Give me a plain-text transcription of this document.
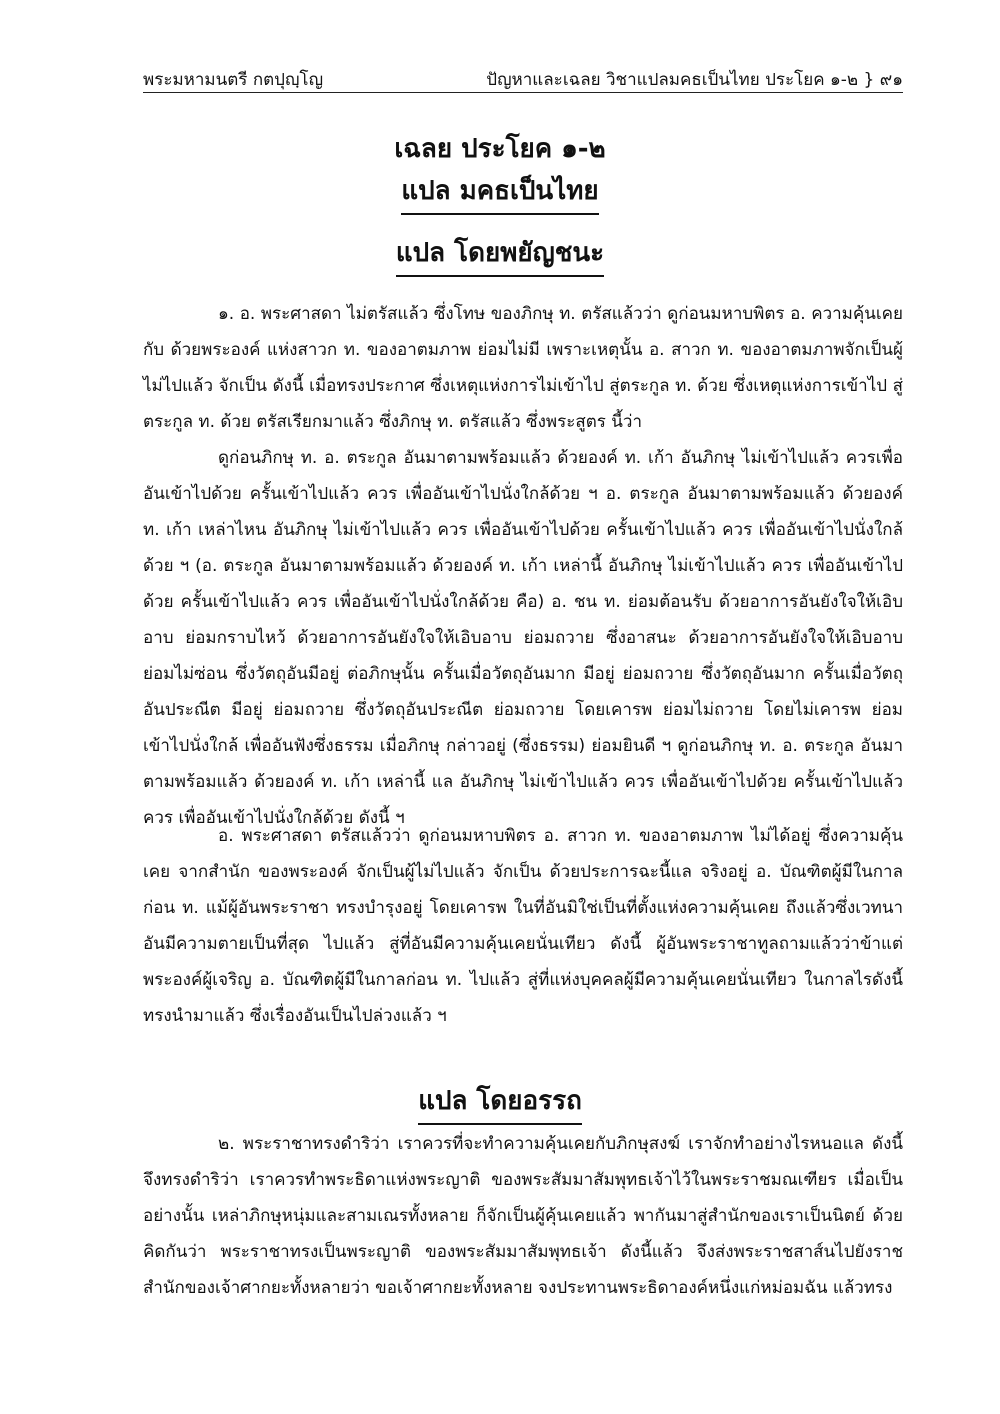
พระมหามนตรี กตปุญฺโญ	ปัญหาและเฉลย วิชาแปลมคธเป็นไทย ประโยค ๑-๒ } ๙๑
เฉลย ประโยค ๑-๒
แปล มคธเป็นไทย
แปล โดยพยัญชนะ

๑. อ. พระศาสดา ไม่ตรัสแล้ว ซึ่งโทษ ของภิกษุ ท. ตรัสแล้วว่า ดูก่อนมหาบพิตร อ. ความคุ้นเคย กับ ด้วยพระองค์ แห่งสาวก ท. ของอาตมภาพ ย่อมไม่มี เพราะเหตุนั้น อ. สาวก ท. ของอาตมภาพจักเป็นผู้ไม่ไปแล้ว จักเป็น ดังนี้ เมื่อทรงประกาศ ซึ่งเหตุแห่งการไม่เข้าไป สู่ตระกูล ท. ด้วย ซึ่งเหตุแห่งการเข้าไป สู่ตระกูล ท. ด้วย ตรัสเรียกมาแล้ว ซึ่งภิกษุ ท. ตรัสแล้ว ซึ่งพระสูตร นี้ว่า

ดูก่อนภิกษุ ท. อ. ตระกูล อันมาตามพร้อมแล้ว ด้วยองค์ ท. เก้า อันภิกษุ ไม่เข้าไปแล้ว ควรเพื่ออันเข้าไปด้วย ครั้นเข้าไปแล้ว ควร เพื่ออันเข้าไปนั่งใกล้ด้วย ฯ อ. ตระกูล อันมาตามพร้อมแล้ว ด้วยองค์ ท. เก้า เหล่าไหน อันภิกษุ ไม่เข้าไปแล้ว ควร เพื่ออันเข้าไปด้วย ครั้นเข้าไปแล้ว ควร เพื่ออันเข้าไปนั่งใกล้ด้วย ฯ (อ. ตระกูล อันมาตามพร้อมแล้ว ด้วยองค์ ท. เก้า เหล่านี้ อันภิกษุ ไม่เข้าไปแล้ว ควร เพื่ออันเข้าไปด้วย ครั้นเข้าไปแล้ว ควร เพื่ออันเข้าไปนั่งใกล้ด้วย คือ) อ. ชน ท. ย่อมต้อนรับ ด้วยอาการอันยังใจให้เอิบอาบ ย่อมกราบไหว้ ด้วยอาการอันยังใจให้เอิบอาบ ย่อมถวาย ซึ่งอาสนะ ด้วยอาการอันยังใจให้เอิบอาบ ย่อมไม่ซ่อน ซึ่งวัตถุอันมีอยู่ ต่อภิกษุนั้น ครั้นเมื่อวัตถุอันมาก มีอยู่ ย่อมถวาย ซึ่งวัตถุอันมาก ครั้นเมื่อวัตถุอันประณีต มีอยู่ ย่อมถวาย ซึ่งวัตถุอันประณีต ย่อมถวาย โดยเคารพ ย่อมไม่ถวาย โดยไม่เคารพ ย่อมเข้าไปนั่งใกล้ เพื่ออันฟังซึ่งธรรม เมื่อภิกษุ กล่าวอยู่ (ซึ่งธรรม) ย่อมยินดี ฯ ดูก่อนภิกษุ ท. อ. ตระกูล อันมาตามพร้อมแล้ว ด้วยองค์ ท. เก้า เหล่านี้ แล อันภิกษุ ไม่เข้าไปแล้ว ควร เพื่ออันเข้าไปด้วย ครั้นเข้าไปแล้วควร เพื่ออันเข้าไปนั่งใกล้ด้วย ดังนี้ ฯ

อ. พระศาสดา ตรัสแล้วว่า ดูก่อนมหาบพิตร อ. สาวก ท. ของอาตมภาพ ไม่ได้อยู่ ซึ่งความคุ้นเคย จากสำนัก ของพระองค์ จักเป็นผู้ไม่ไปแล้ว จักเป็น ด้วยประการฉะนี้แล จริงอยู่ อ. บัณฑิตผู้มีในกาลก่อน ท. แม้ผู้อันพระราชา ทรงบำรุงอยู่ โดยเคารพ ในที่อันมิใช่เป็นที่ตั้งแห่งความคุ้นเคย ถึงแล้วซึ่งเวทนา อันมีความตายเป็นที่สุด ไปแล้ว สู่ที่อันมีความคุ้นเคยนั่นเทียว ดังนี้ ผู้อันพระราชาทูลถามแล้วว่าข้าแต่พระองค์ผู้เจริญ อ. บัณฑิตผู้มีในกาลก่อน ท. ไปแล้ว สู่ที่แห่งบุคคลผู้มีความคุ้นเคยนั่นเทียว ในกาลไรดังนี้ ทรงนำมาแล้ว ซึ่งเรื่องอันเป็นไปล่วงแล้ว ฯ

แปล โดยอรรถ

๒. พระราชาทรงดำริว่า เราควรที่จะทำความคุ้นเคยกับภิกษุสงฆ์ เราจักทำอย่างไรหนอแล ดังนี้จึงทรงดำริว่า เราควรทำพระธิดาแห่งพระญาติ ของพระสัมมาสัมพุทธเจ้าไว้ในพระราชมณเฑียร เมื่อเป็นอย่างนั้น เหล่าภิกษุหนุ่มและสามเณรทั้งหลาย ก็จักเป็นผู้คุ้นเคยแล้ว พากันมาสู่สำนักของเราเป็นนิตย์ ด้วยคิดกันว่า พระราชาทรงเป็นพระญาติ ของพระสัมมาสัมพุทธเจ้า ดังนี้แล้ว จึงส่งพระราชสาส์นไปยังราชสำนักของเจ้าศากยะทั้งหลายว่า ขอเจ้าศากยะทั้งหลาย จงประทานพระธิดาองค์หนึ่งแก่หม่อมฉัน แล้วทรง
